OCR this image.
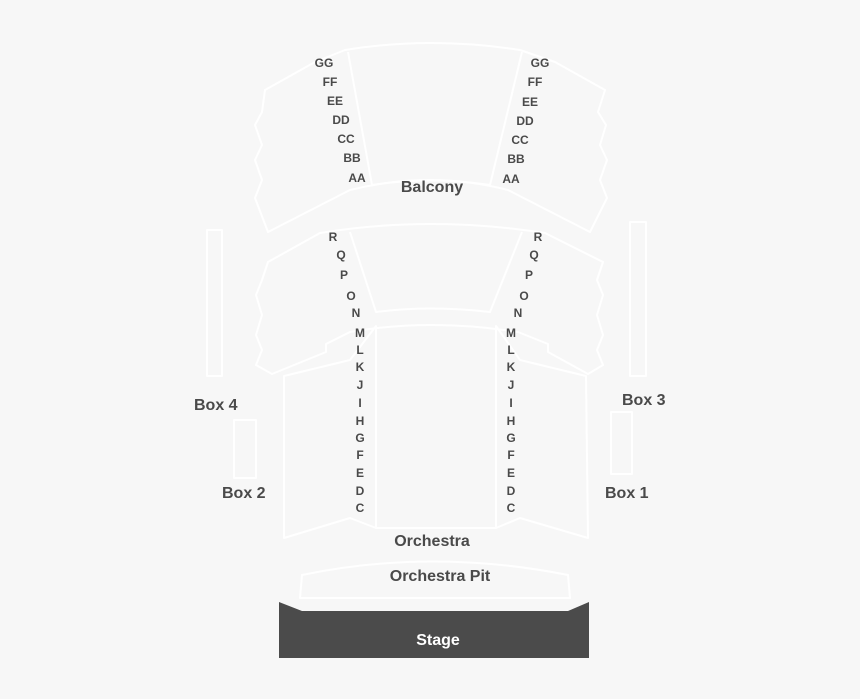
Balcony
Orchestra
Orchestra Pit
Stage
Box 4
Box 2
Box 3
Box 1
GG
FF
EE
DD
CC
BB
AA
GG
FF
EE
DD
CC
BB
AA
R
Q
P
O
N
R
Q
P
O
N
M
L
K
J
I
H
G
F
E
D
C
M
L
K
J
I
H
G
F
E
D
C
